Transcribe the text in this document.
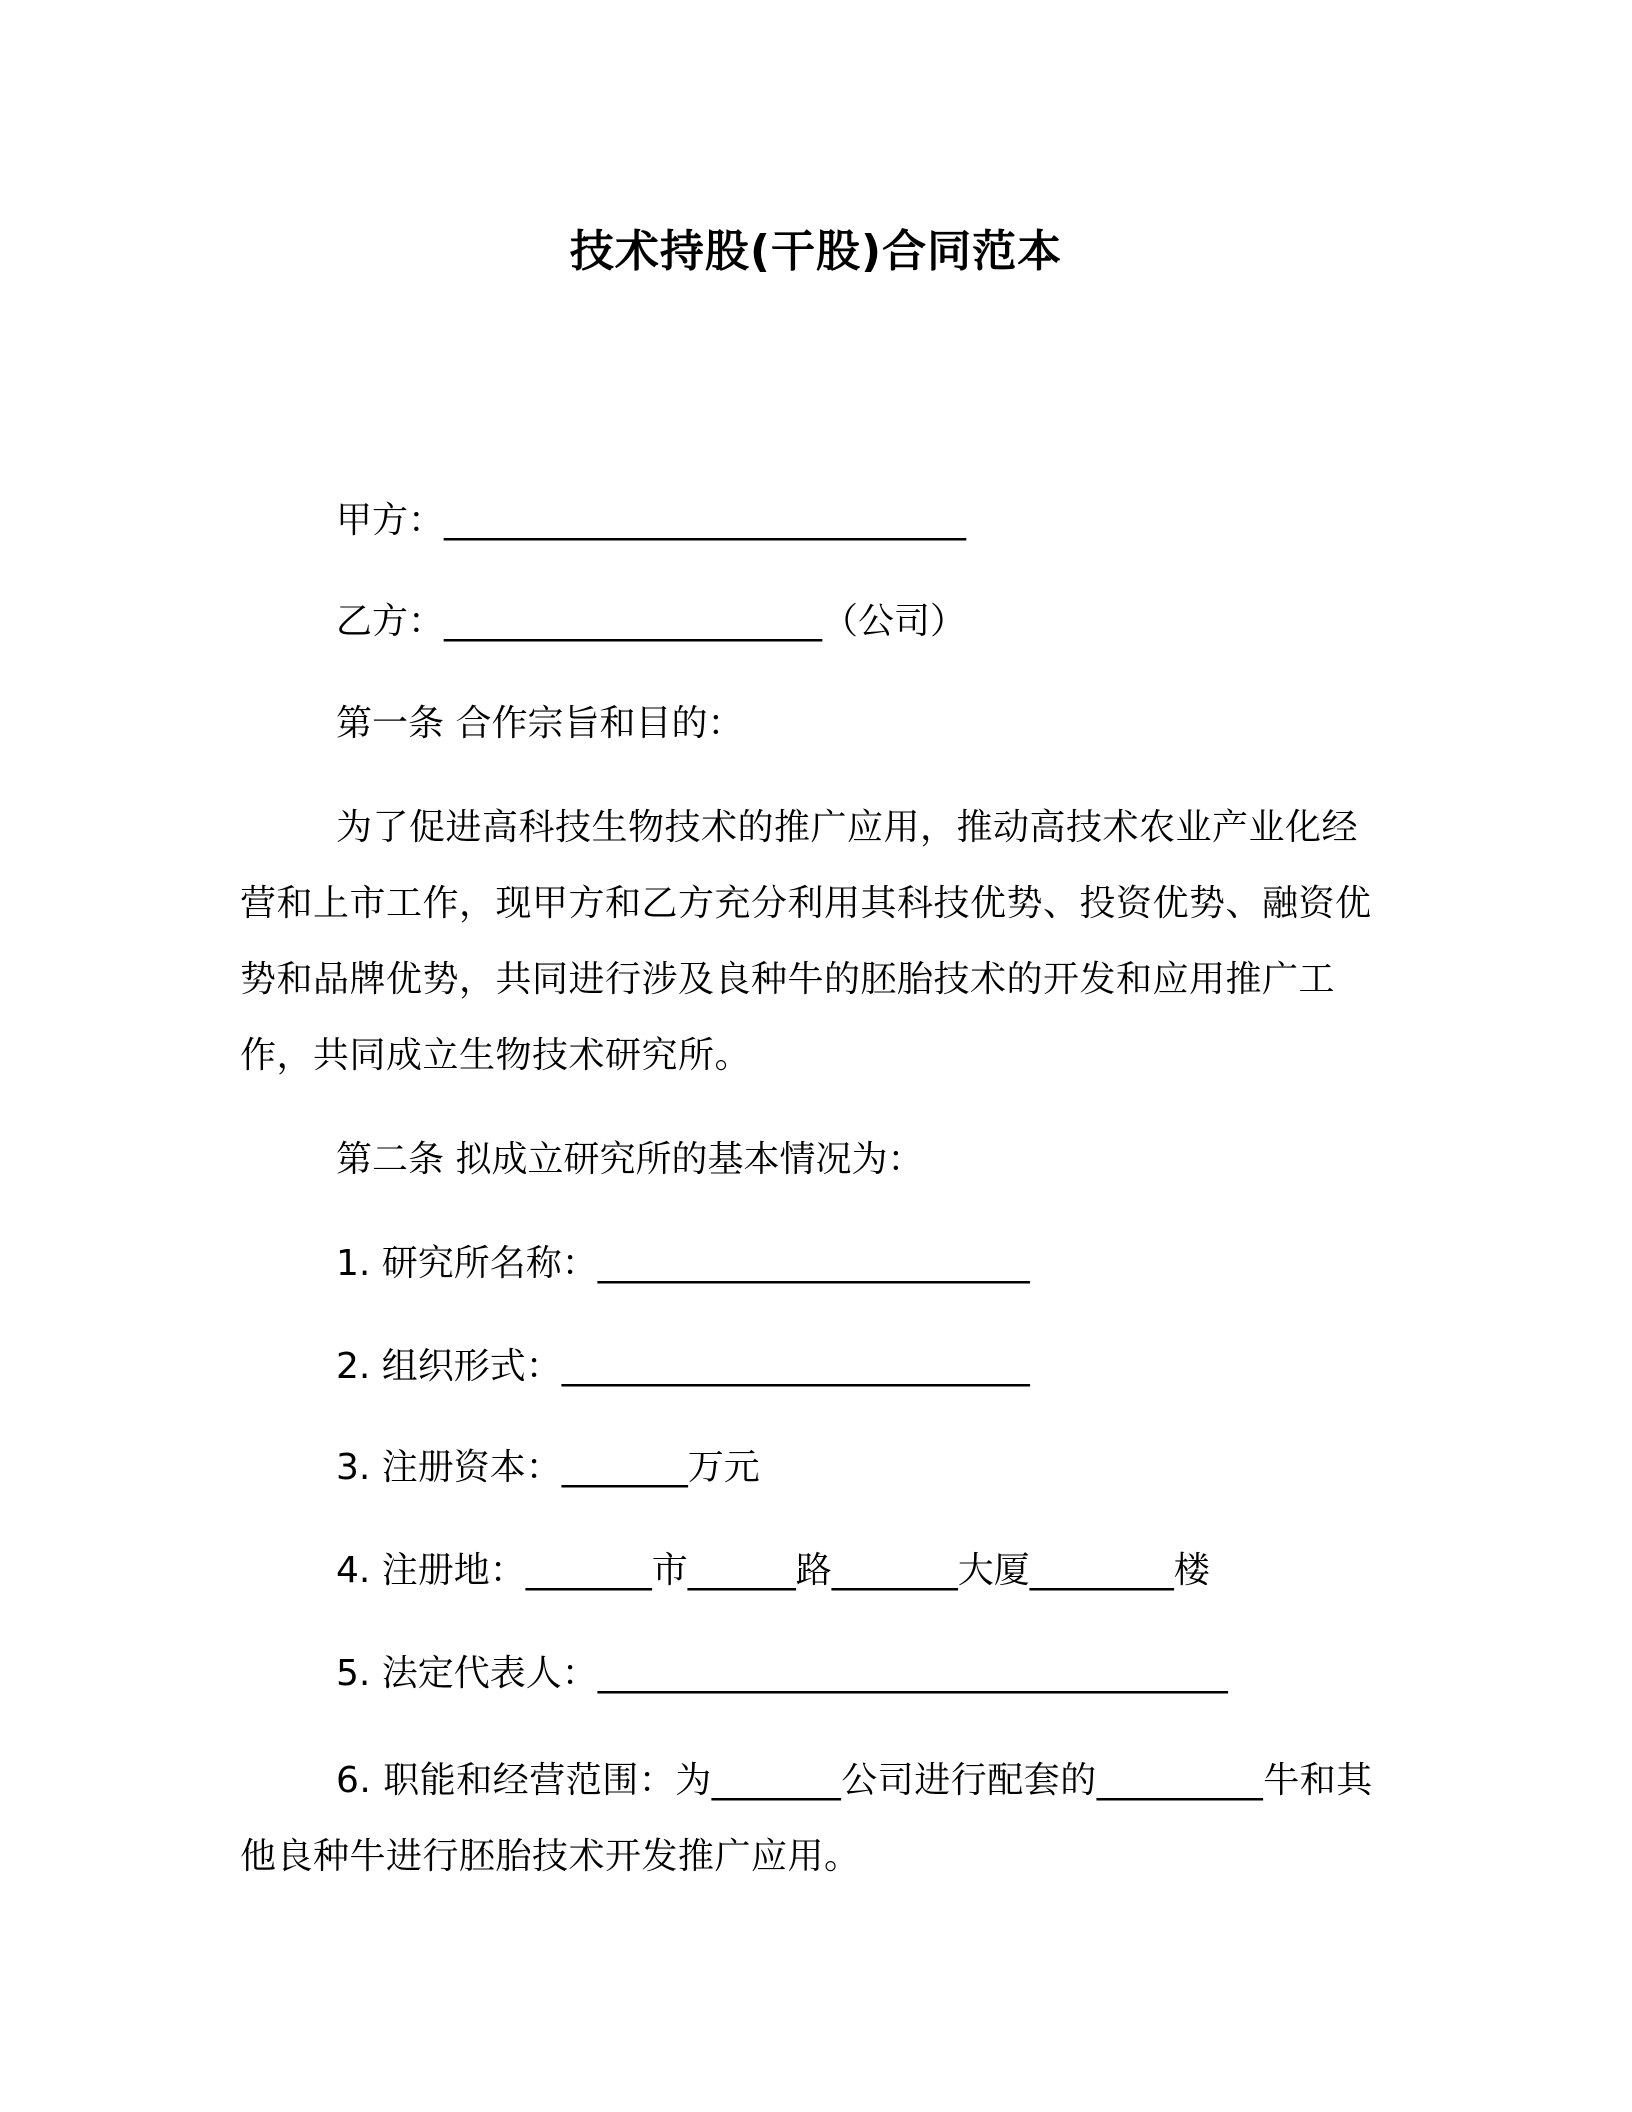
技术持股(干股)合同范本
甲方：_____________________________
乙方：_____________________（公司）
第一条 合作宗旨和目的：
为了促进高科技生物技术的推广应用，推动高技术农业产业化经营和上市工作，现甲方和乙方充分利用其科技优势、投资优势、融资优势和品牌优势，共同进行涉及良种牛的胚胎技术的开发和应用推广工作，共同成立生物技术研究所。
第二条 拟成立研究所的基本情况为：
1. 研究所名称：________________________
2. 组织形式：__________________________
3. 注册资本：_______万元
4. 注册地：_______市______路_______大厦________楼
5. 法定代表人：___________________________________
6. 职能和经营范围：为_______公司进行配套的_________牛和其他良种牛进行胚胎技术开发推广应用。
